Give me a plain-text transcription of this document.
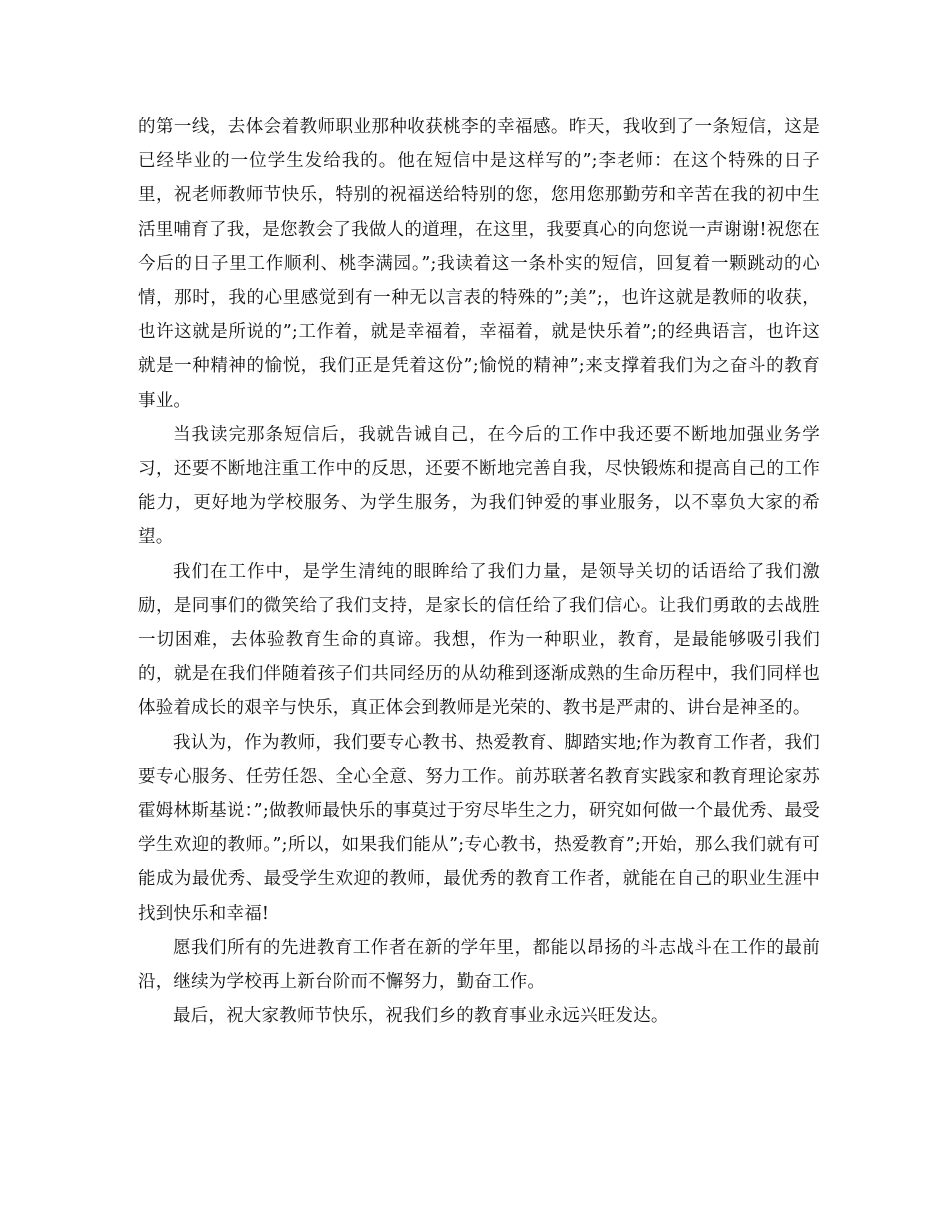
的第一线，去体会着教师职业那种收获桃李的幸福感。昨天，我收到了一条短信，这是已经毕业的一位学生发给我的。他在短信中是这样写的”;李老师：在这个特殊的日子里，祝老师教师节快乐，特别的祝福送给特别的您，您用您那勤劳和辛苦在我的初中生活里哺育了我，是您教会了我做人的道理，在这里，我要真心的向您说一声谢谢!祝您在今后的日子里工作顺利、桃李满园。”;我读着这一条朴实的短信，回复着一颗跳动的心情，那时，我的心里感觉到有一种无以言表的特殊的”;美”;，也许这就是教师的收获，也许这就是所说的”;工作着，就是幸福着，幸福着，就是快乐着”;的经典语言，也许这就是一种精神的愉悦，我们正是凭着这份”;愉悦的精神”;来支撑着我们为之奋斗的教育事业。

当我读完那条短信后，我就告诫自己，在今后的工作中我还要不断地加强业务学习，还要不断地注重工作中的反思，还要不断地完善自我，尽快锻炼和提高自己的工作能力，更好地为学校服务、为学生服务，为我们钟爱的事业服务，以不辜负大家的希望。

我们在工作中，是学生清纯的眼眸给了我们力量，是领导关切的话语给了我们激励，是同事们的微笑给了我们支持，是家长的信任给了我们信心。让我们勇敢的去战胜一切困难，去体验教育生命的真谛。我想，作为一种职业，教育，是最能够吸引我们的，就是在我们伴随着孩子们共同经历的从幼稚到逐渐成熟的生命历程中，我们同样也体验着成长的艰辛与快乐，真正体会到教师是光荣的、教书是严肃的、讲台是神圣的。

我认为，作为教师，我们要专心教书、热爱教育、脚踏实地;作为教育工作者，我们要专心服务、任劳任怨、全心全意、努力工作。前苏联著名教育实践家和教育理论家苏霍姆林斯基说：”;做教师最快乐的事莫过于穷尽毕生之力，研究如何做一个最优秀、最受学生欢迎的教师。”;所以，如果我们能从”;专心教书，热爱教育”;开始，那么我们就有可能成为最优秀、最受学生欢迎的教师，最优秀的教育工作者，就能在自己的职业生涯中找到快乐和幸福!

愿我们所有的先进教育工作者在新的学年里，都能以昂扬的斗志战斗在工作的最前沿，继续为学校再上新台阶而不懈努力，勤奋工作。

最后，祝大家教师节快乐，祝我们乡的教育事业永远兴旺发达。
